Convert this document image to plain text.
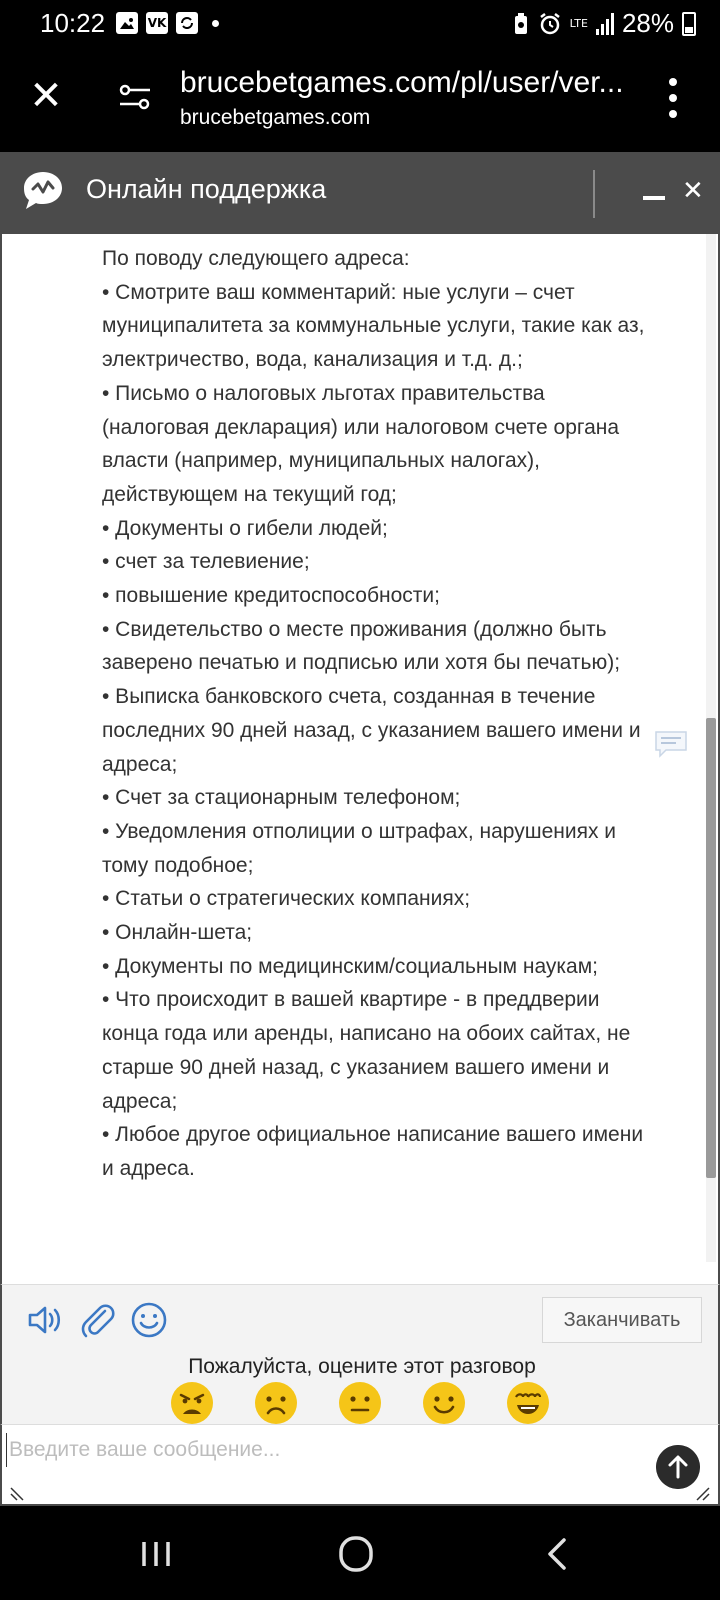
10:22	VK	LTE 28%
✕	brucebetgames.com/pl/user/ver...
brucebetgames.com
Онлайн поддержка	✕

По поводу следующего адреса:

• Смотрите ваш комментарий: ные услуги – счет муниципалитета за коммунальные услуги, такие как аз, электричество, вода, канализация и т.д. д.;

• Письмо о налоговых льготах правительства (налоговая декларация) или налоговом счете органа власти (например, муниципальных налогах), действующем на текущий год;

• Документы о гибели людей;

• счет за телевиение;

• повышение кредитоспособности;

• Свидетельство о месте проживания (должно быть заверено печатью и подписью или хотя бы печатью);

• Выписка банковского счета, созданная в течение последних 90 дней назад, с указанием вашего имени и адреса;

• Счет за стационарным телефоном;

• Уведомления отполиции о штрафах, нарушениях и тому подобное;

• Статьи о стратегических компаниях;

• Онлайн-шета;

• Документы по медицинским/социальным наукам;

• Что происходит в вашей квартире - в преддверии конца года или аренды, написано на обоих сайтах, не старше 90 дней назад, с указанием вашего имени и адреса;

• Любое другое официальное написание вашего имени и адреса.

Заканчивать
Пожалуйста, оцените этот разговор
Введите ваше сообщение...
